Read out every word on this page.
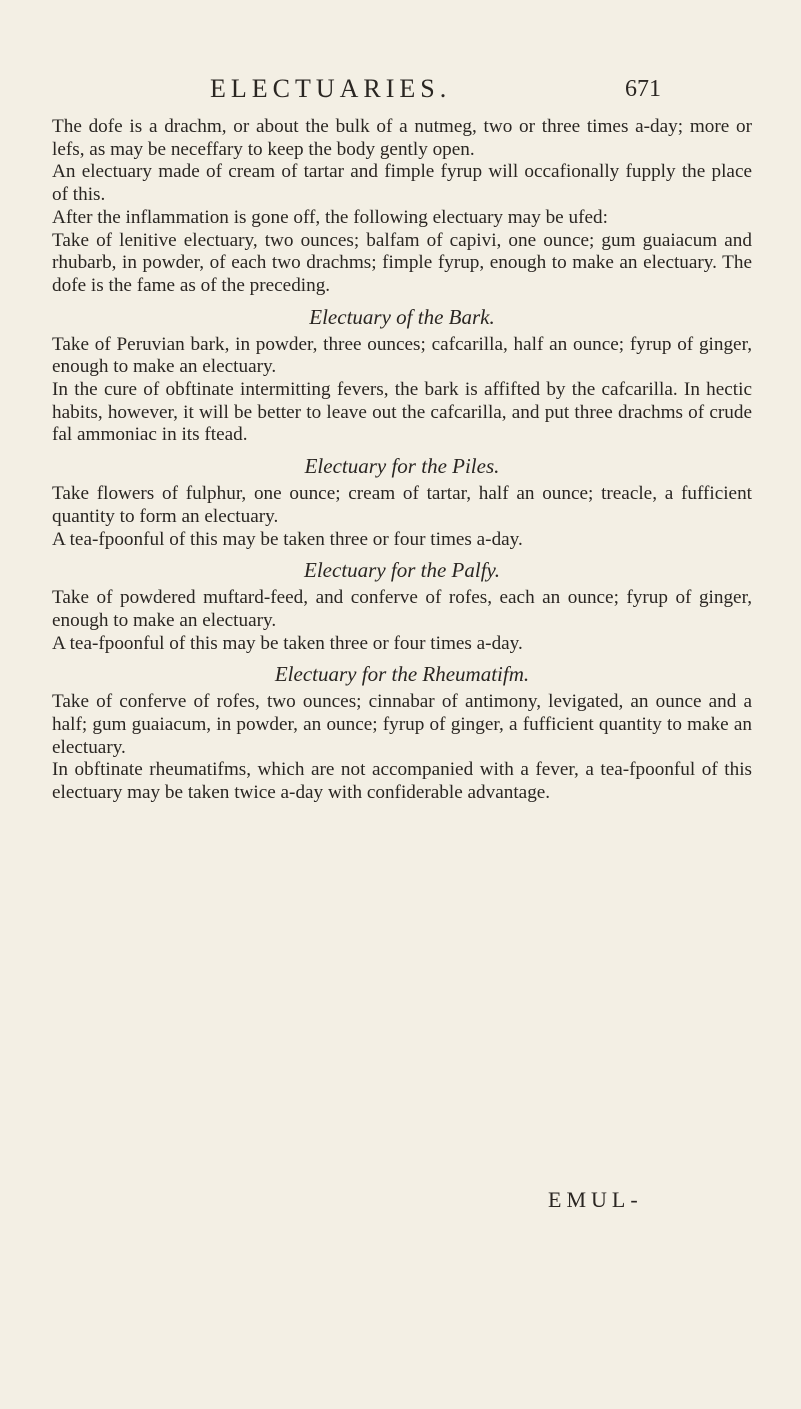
ELECTUARIES.	671

The dofe is a drachm, or about the bulk of a nutmeg, two or three times a-day; more or lefs, as may be neceffary to keep the body gently open.

An electuary made of cream of tartar and fimple fyrup will occafionally fupply the place of this.

After the inflammation is gone off, the following electuary may be ufed:

Take of lenitive electuary, two ounces; balfam of capivi, one ounce; gum guaiacum and rhubarb, in powder, of each two drachms; fimple fyrup, enough to make an electuary. The dofe is the fame as of the preceding.

Electuary of the Bark.

Take of Peruvian bark, in powder, three ounces; cafcarilla, half an ounce; fyrup of ginger, enough to make an electuary.

In the cure of obftinate intermitting fevers, the bark is affifted by the cafcarilla. In hectic habits, however, it will be better to leave out the cafcarilla, and put three drachms of crude fal ammoniac in its ftead.

Electuary for the Piles.

Take flowers of fulphur, one ounce; cream of tartar, half an ounce; treacle, a fufficient quantity to form an electuary.

A tea-fpoonful of this may be taken three or four times a-day.

Electuary for the Palfy.

Take of powdered muftard-feed, and conferve of rofes, each an ounce; fyrup of ginger, enough to make an electuary.

A tea-fpoonful of this may be taken three or four times a-day.

Electuary for the Rheumatifm.

Take of conferve of rofes, two ounces; cinnabar of antimony, levigated, an ounce and a half; gum guaiacum, in powder, an ounce; fyrup of ginger, a fufficient quantity to make an electuary.

In obftinate rheumatifms, which are not accompanied with a fever, a tea-fpoonful of this electuary may be taken twice a-day with confiderable advantage.

EMUL-
